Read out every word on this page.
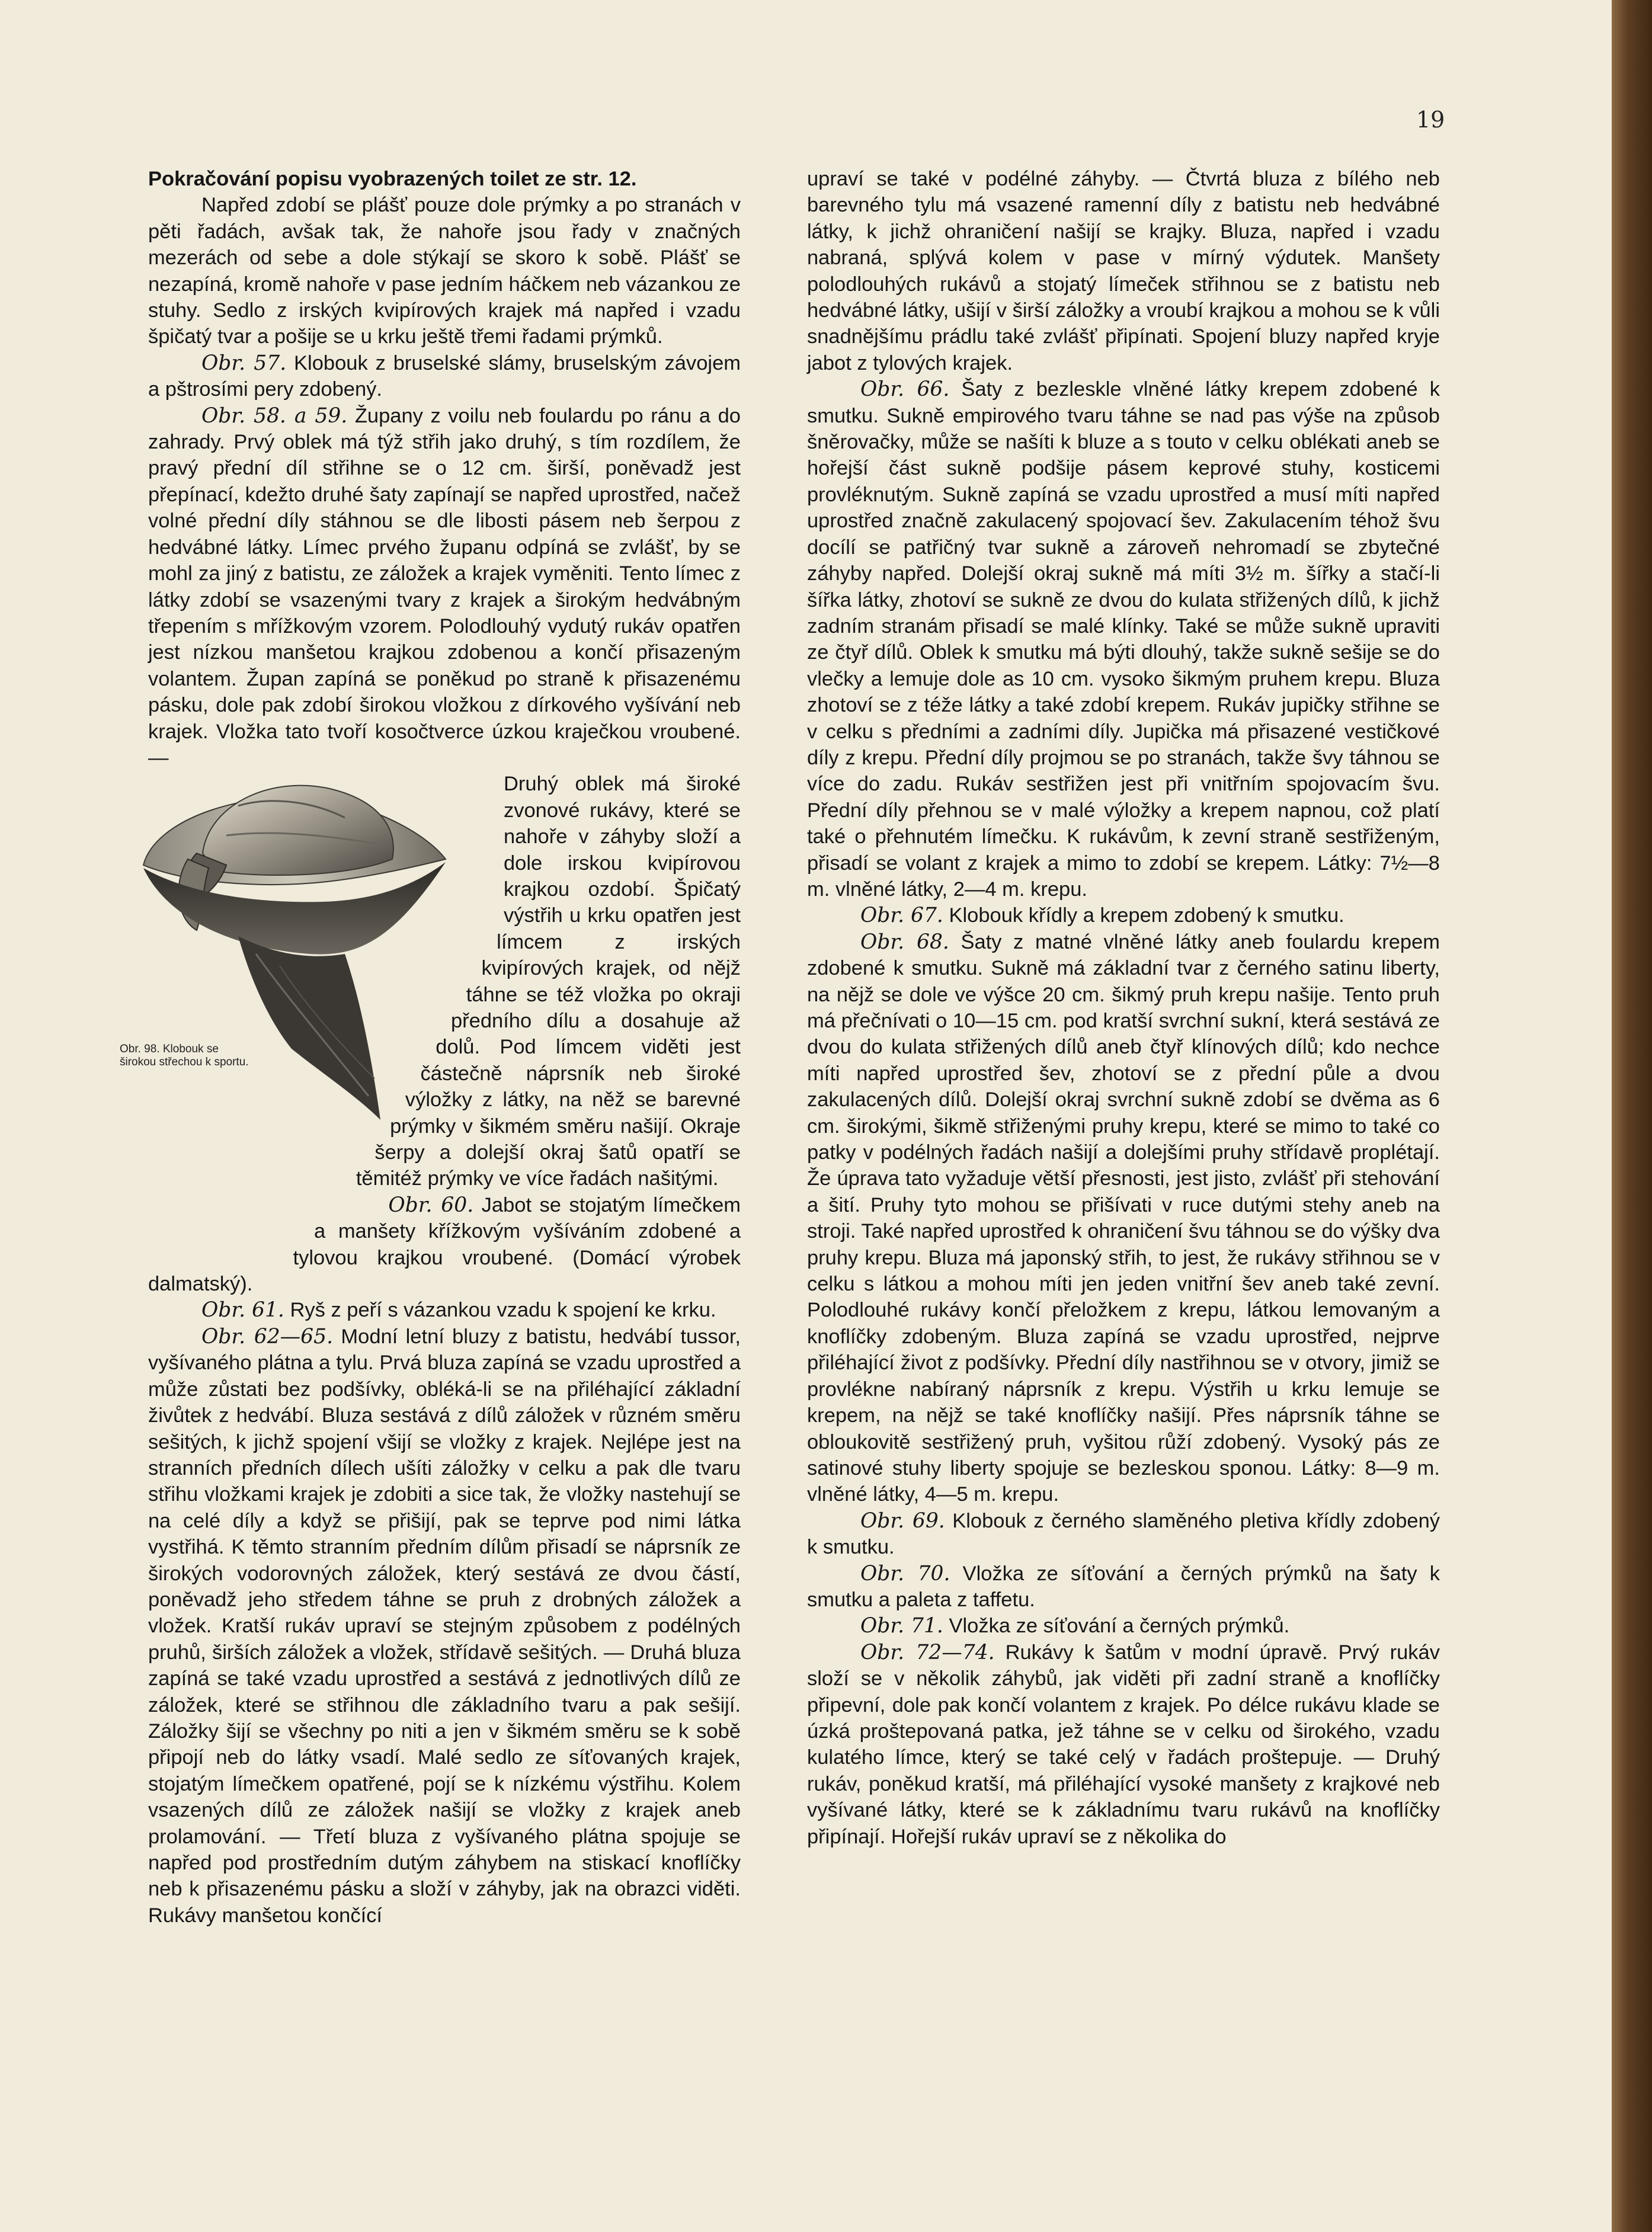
19

Pokračování popisu vyobrazených toilet ze str. 12.

Napřed zdobí se plášť pouze dole prýmky a po stranách v pěti řadách, avšak tak, že nahoře jsou řady v značných mezerách od sebe a dole stýkají se skoro k sobě. Plášť se nezapíná, kromě nahoře v pase jedním háčkem neb vázankou ze stuhy. Sedlo z irských kvipírových krajek má napřed i vzadu špičatý tvar a pošije se u krku ještě třemi řadami prýmků.

Obr. 57. Klobouk z bruselské slámy, bruselským závojem a pštrosími pery zdobený.

Obr. 58. a 59. Župany z voilu neb foulardu po ránu a do zahrady. Prvý oblek má týž střih jako druhý, s tím rozdílem, že pravý přední díl střihne se o 12 cm. širší, poněvadž jest přepínací, kdežto druhé šaty zapínají se napřed uprostřed, načež volné přední díly stáhnou se dle libosti pásem neb šerpou z hedvábné látky. Límec prvého županu odpíná se zvlášť, by se mohl za jiný z batistu, ze záložek a krajek vyměniti. Tento límec z látky zdobí se vsazenými tvary z krajek a širokým hedvábným třepením s mřížkovým vzorem. Polodlouhý vydutý rukáv opatřen jest nízkou manšetou krajkou zdobenou a končí přisazeným volantem. Župan zapíná se poněkud po straně k přisazenému pásku, dole pak zdobí širokou vložkou z dírkového vyšívání neb krajek. Vložka tato tvoří kosočtverce úzkou kraječkou vroubené. —

Druhý oblek má široké zvonové rukávy, které se nahoře v záhyby složí a dole irskou kvipírovou krajkou ozdobí. Špičatý výstřih u krku opatřen jest límcem z irských kvipírových krajek, od nějž táhne se též vložka po okraji předního dílu a dosahuje až dolů. Pod límcem viděti jest částečně náprsník neb široké výložky z látky, na něž se barevné prýmky v šikmém směru našijí. Okraje šerpy a dolejší okraj šatů opatří se těmitéž prýmky ve více řadách našitými.

Obr. 60. Jabot se stojatým límečkem a manšety křížkovým vyšíváním zdobené a tylovou krajkou vroubené. (Domácí výrobek dalmatský).

Obr. 61. Ryš z peří s vázankou vzadu k spojení ke krku.

Obr. 62—65. Modní letní bluzy z batistu, hedvábí tussor, vyšívaného plátna a tylu. Prvá bluza zapíná se vzadu uprostřed a může zůstati bez podšívky, obléká-li se na přiléhající základní živůtek z hedvábí. Bluza sestává z dílů záložek v různém směru sešitých, k jichž spojení všijí se vložky z krajek. Nejlépe jest na stranních předních dílech ušíti záložky v celku a pak dle tvaru střihu vložkami krajek je zdobiti a sice tak, že vložky nastehují se na celé díly a když se přišijí, pak se teprve pod nimi látka vystřihá. K těmto stranním předním dílům přisadí se náprsník ze širokých vodorovných záložek, který sestává ze dvou částí, poněvadž jeho středem táhne se pruh z drobných záložek a vložek. Kratší rukáv upraví se stejným způsobem z podélných pruhů, širších záložek a vložek, střídavě sešitých. — Druhá bluza zapíná se také vzadu uprostřed a sestává z jednotlivých dílů ze záložek, které se střihnou dle základního tvaru a pak sešijí. Záložky šijí se všechny po niti a jen v šikmém směru se k sobě připojí neb do látky vsadí. Malé sedlo ze síťovaných krajek, stojatým límečkem opatřené, pojí se k nízkému výstřihu. Kolem vsazených dílů ze záložek našijí se vložky z krajek aneb prolamování. — Třetí bluza z vyšívaného plátna spojuje se napřed pod prostředním dutým záhybem na stiskací knoflíčky neb k přisazenému pásku a složí v záhyby, jak na obrazci viděti. Rukávy manšetou končící

upraví se také v podélné záhyby. — Čtvrtá bluza z bílého neb barevného tylu má vsazené ramenní díly z batistu neb hedvábné látky, k jichž ohraničení našijí se krajky. Bluza, napřed i vzadu nabraná, splývá kolem v pase v mírný výdutek. Manšety polodlouhých rukávů a stojatý límeček střihnou se z batistu neb hedvábné látky, ušijí v širší záložky a vroubí krajkou a mohou se k vůli snadnějšímu prádlu také zvlášť připínati. Spojení bluzy napřed kryje jabot z tylových krajek.

Obr. 66. Šaty z bezleskle vlněné látky krepem zdobené k smutku. Sukně empirového tvaru táhne se nad pas výše na způsob šněrovačky, může se našíti k bluze a s touto v celku oblékati aneb se hořejší část sukně podšije pásem keprové stuhy, kosticemi provléknutým. Sukně zapíná se vzadu uprostřed a musí míti napřed uprostřed značně zakulacený spojovací šev. Zakulacením téhož švu docílí se patřičný tvar sukně a zároveň nehromadí se zbytečné záhyby napřed. Dolejší okraj sukně má míti 3½ m. šířky a stačí-li šířka látky, zhotoví se sukně ze dvou do kulata střižených dílů, k jichž zadním stranám přisadí se malé klínky. Také se může sukně upraviti ze čtyř dílů. Oblek k smutku má býti dlouhý, takže sukně sešije se do vlečky a lemuje dole as 10 cm. vysoko šikmým pruhem krepu. Bluza zhotoví se z téže látky a také zdobí krepem. Rukáv jupičky střihne se v celku s předními a zadními díly. Jupička má přisazené vestičkové díly z krepu. Přední díly projmou se po stranách, takže švy táhnou se více do zadu. Rukáv sestřižen jest při vnitřním spojovacím švu. Přední díly přehnou se v malé výložky a krepem napnou, což platí také o přehnutém límečku. K rukávům, k zevní straně sestřiženým, přisadí se volant z krajek a mimo to zdobí se krepem. Látky: 7½—8 m. vlněné látky, 2—4 m. krepu.

Obr. 67. Klobouk křídly a krepem zdobený k smutku.

Obr. 68. Šaty z matné vlněné látky aneb foulardu krepem zdobené k smutku. Sukně má základní tvar z černého satinu liberty, na nějž se dole ve výšce 20 cm. šikmý pruh krepu našije. Tento pruh má přečnívati o 10—15 cm. pod kratší svrchní sukní, která sestává ze dvou do kulata střižených dílů aneb čtyř klínových dílů; kdo nechce míti napřed uprostřed šev, zhotoví se z přední půle a dvou zakulacených dílů. Dolejší okraj svrchní sukně zdobí se dvěma as 6 cm. širokými, šikmě střiženými pruhy krepu, které se mimo to také co patky v podélných řadách našijí a dolejšími pruhy střídavě proplétají. Že úprava tato vyžaduje větší přesnosti, jest jisto, zvlášť při stehování a šití. Pruhy tyto mohou se přišívati v ruce dutými stehy aneb na stroji. Také napřed uprostřed k ohraničení švu táhnou se do výšky dva pruhy krepu. Bluza má japonský střih, to jest, že rukávy střihnou se v celku s látkou a mohou míti jen jeden vnitřní šev aneb také zevní. Polodlouhé rukávy končí přeložkem z krepu, látkou lemovaným a knoflíčky zdobeným. Bluza zapíná se vzadu uprostřed, nejprve přiléhající život z podšívky. Přední díly nastřihnou se v otvory, jimiž se provlékne nabíraný náprsník z krepu. Výstřih u krku lemuje se krepem, na nějž se také knoflíčky našijí. Přes náprsník táhne se obloukovitě sestřižený pruh, vyšitou růží zdobený. Vysoký pás ze satinové stuhy liberty spojuje se bezleskou sponou. Látky: 8—9 m. vlněné látky, 4—5 m. krepu.

Obr. 69. Klobouk z černého slaměného pletiva křídly zdobený k smutku.

Obr. 70. Vložka ze síťování a černých prýmků na šaty k smutku a paleta z taffetu.

Obr. 71. Vložka ze síťování a černých prýmků.

Obr. 72—74. Rukávy k šatům v modní úpravě. Prvý rukáv složí se v několik záhybů, jak viděti při zadní straně a knoflíčky připevní, dole pak končí volantem z krajek. Po délce rukávu klade se úzká proštepovaná patka, jež táhne se v celku od širokého, vzadu kulatého límce, který se také celý v řadách proštepuje. — Druhý rukáv, poněkud kratší, má přiléhající vysoké manšety z krajkové neb vyšívané látky, které se k základnímu tvaru rukávů na knoflíčky připínají. Hořejší rukáv upraví se z několika do

Obr. 98. Klobouk se
širokou střechou k sportu.
